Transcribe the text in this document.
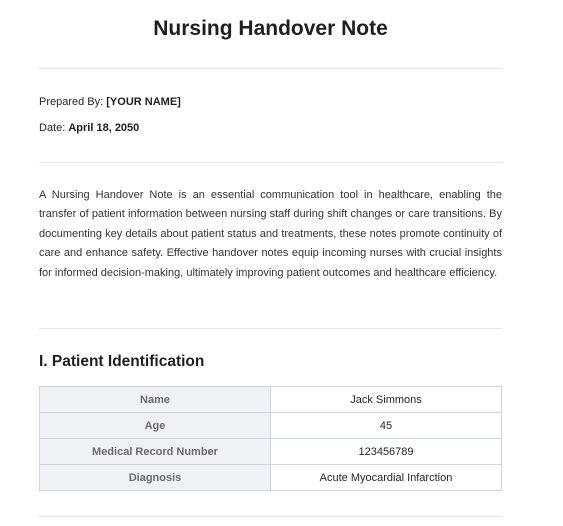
Nursing Handover Note
Prepared By: [YOUR NAME]
Date: April 18, 2050

A Nursing Handover Note is an essential communication tool in healthcare, enabling the transfer of patient information between nursing staff during shift changes or care transitions. By documenting key details about patient status and treatments, these notes promote continuity of care and enhance safety. Effective handover notes equip incoming nurses with crucial insights for informed decision-making, ultimately improving patient outcomes and healthcare efficiency.

I. Patient Identification
Name	Jack Simmons
Age	45
Medical Record Number	123456789
Diagnosis	Acute Myocardial Infarction
